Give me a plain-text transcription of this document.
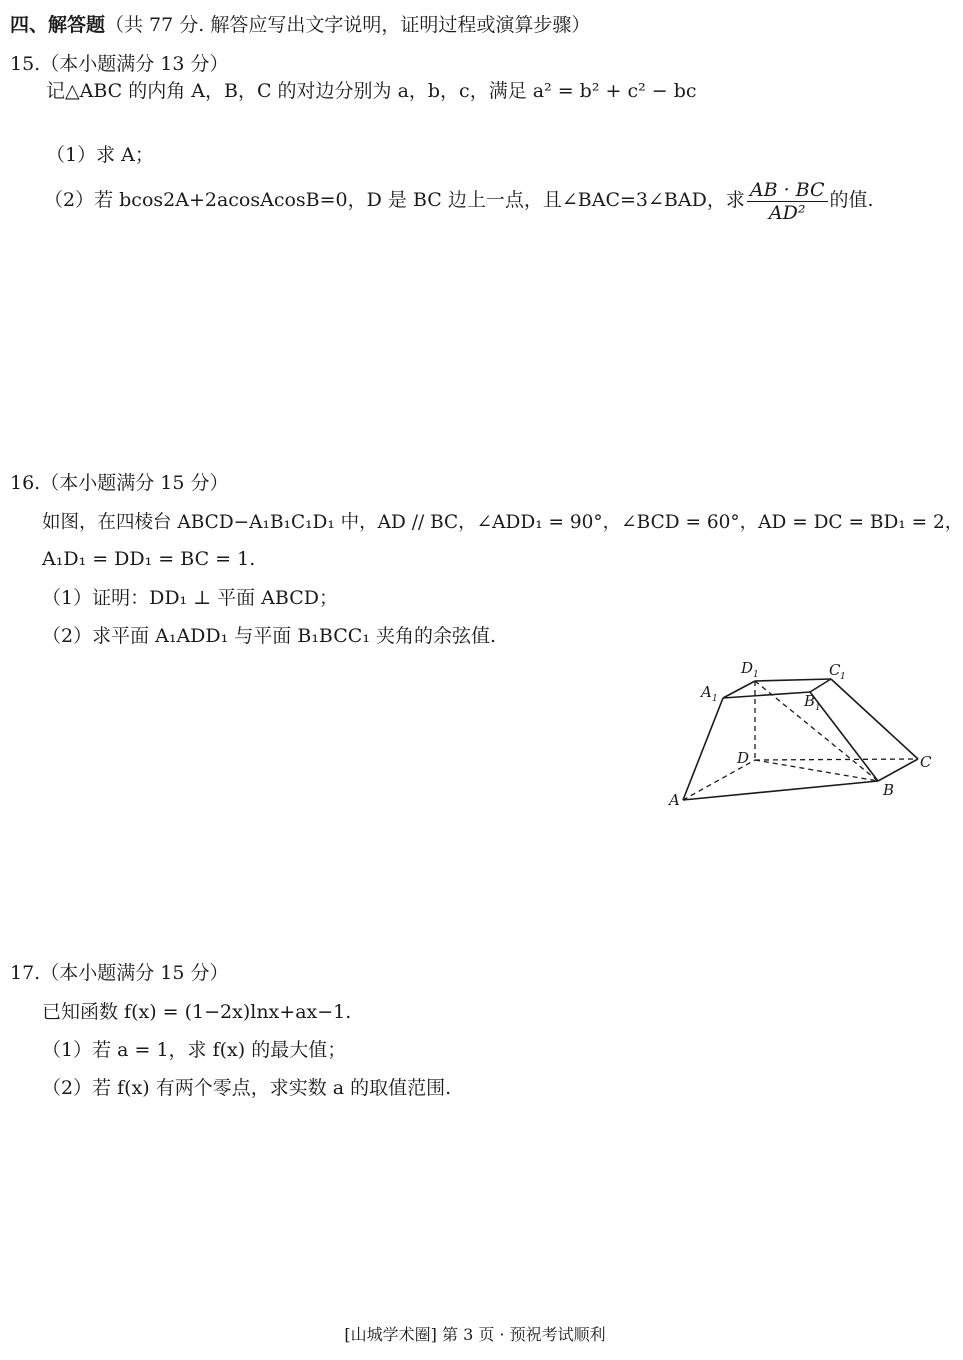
四、解答题（共 77 分. 解答应写出文字说明，证明过程或演算步骤）
15.（本小题满分 13 分）
记△ABC 的内角 A，B，C 的对边分别为 a，b，c，满足 a² = b² + c² − bc
（1）求 A；
（2）若 bcos2A+2acosAcosB=0，D 是 BC 边上一点，且∠BAC=3∠BAD，求 $\frac{AB \cdot BC}{\text{AD²}}$ 的值.
16.（本小题满分 15 分）
如图，在四棱台 ABCD−A₁B₁C₁D₁ 中，AD // BC，∠ADD₁ = 90°，∠BCD = 60°，AD = DC = BD₁ = 2，
A₁D₁ = DD₁ = BC = 1.
（1）证明：DD₁ ⊥ 平面 ABCD；
（2）求平面 A₁ADD₁ 与平面 B₁BCC₁ 夹角的余弦值.
A
B
C
D
A 1	B 1
C 1
D 1
17.（本小题满分 15 分）
已知函数 f(x) = (1−2x)lnx+ax−1.
（1）若 a = 1，求 f(x) 的最大值；
（2）若 f(x) 有两个零点，求实数 a 的取值范围.
[山城学术圈] 第 3 页 · 预祝考试顺利
